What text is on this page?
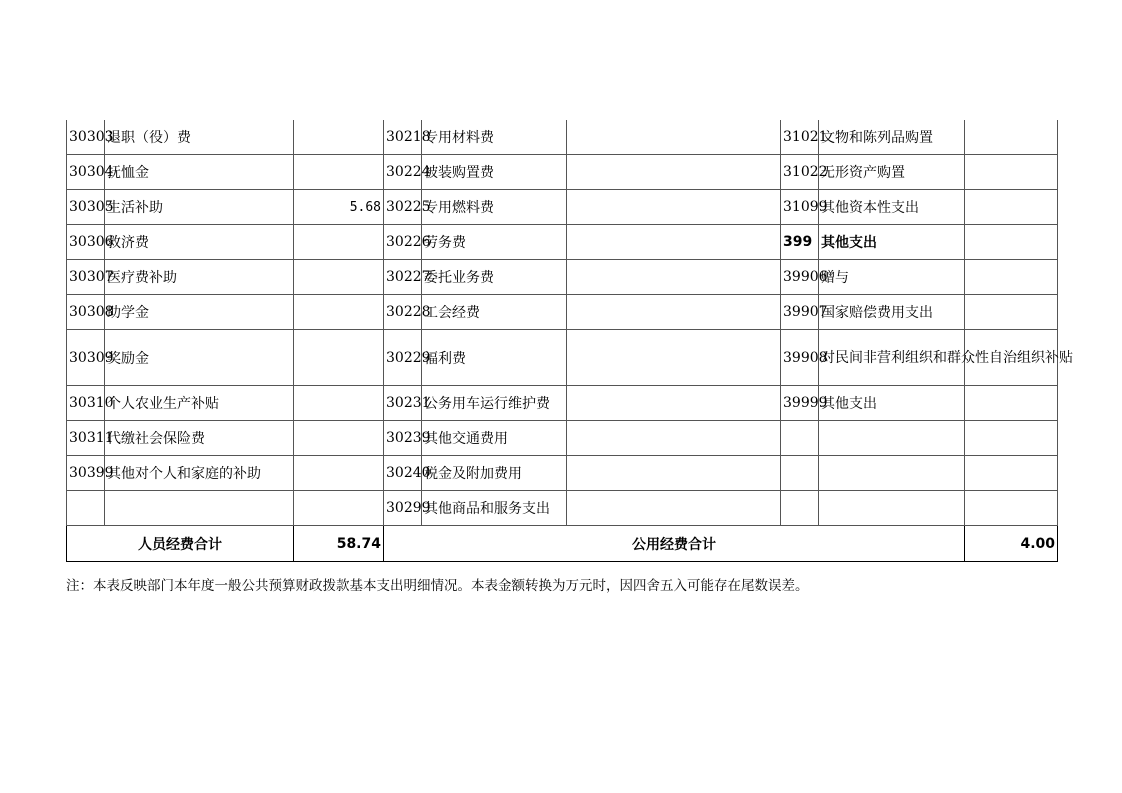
30303	退职（役）费		30218	专用材料费		31021	文物和陈列品购置	
30304	抚恤金		30224	被装购置费		31022	无形资产购置	
30305	生活补助	5.68	30225	专用燃料费		31099	其他资本性支出	
30306	救济费		30226	劳务费		399	其他支出	
30307	医疗费补助		30227	委托业务费		39906	赠与	
30308	助学金		30228	工会经费		39907	国家赔偿费用支出	
30309	奖励金		30229	福利费		39908	对民间非营利组织和群众性自治组织补贴	
30310	个人农业生产补贴		30231	公务用车运行维护费		39999	其他支出	
30311	代缴社会保险费		30239	其他交通费用				
30399	其他对个人和家庭的补助		30240	税金及附加费用				
			30299	其他商品和服务支出				
人员经费合计		58.74	公用经费合计					4.00
注：本表反映部门本年度一般公共预算财政拨款基本支出明细情况。本表金额转换为万元时，因四舍五入可能存在尾数误差。
